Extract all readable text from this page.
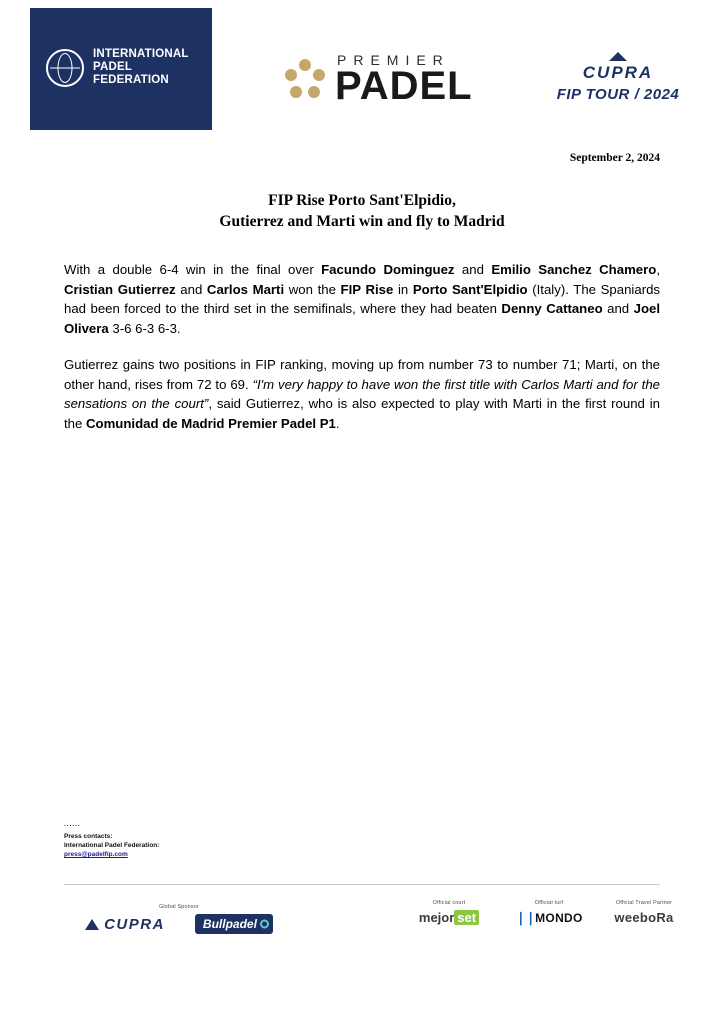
INTERNATIONAL
PADEL
FEDERATION
PREMIER
PADEL	CUPRA
FIP TOUR / 2024
September 2, 2024
FIP Rise Porto Sant'Elpidio,
Gutierrez and Marti win and fly to Madrid

With a double 6-4 win in the final over Facundo Dominguez and Emilio Sanchez Chamero, Cristian Gutierrez and Carlos Marti won the FIP Rise in Porto Sant'Elpidio (Italy). The Spaniards had been forced to the third set in the semifinals, where they had beaten Denny Cattaneo and Joel Olivera 3-6 6-3 6-3.

Gutierrez gains two positions in FIP ranking, moving up from number 73 to number 71; Marti, on the other hand, rises from 72 to 69. “I'm very happy to have won the first title with Carlos Marti and for the sensations on the court”, said Gutierrez, who is also expected to play with Marti in the first round in the Comunidad de Madrid Premier Padel P1.

......
Press contacts:
International Padel Federation:
press@padelfip.com
Global Sponsor
CUPRA	Bullpadel
Official court
mejor set
Official turf
❘❘MONDO
Official Travel Partner
weeboRa
